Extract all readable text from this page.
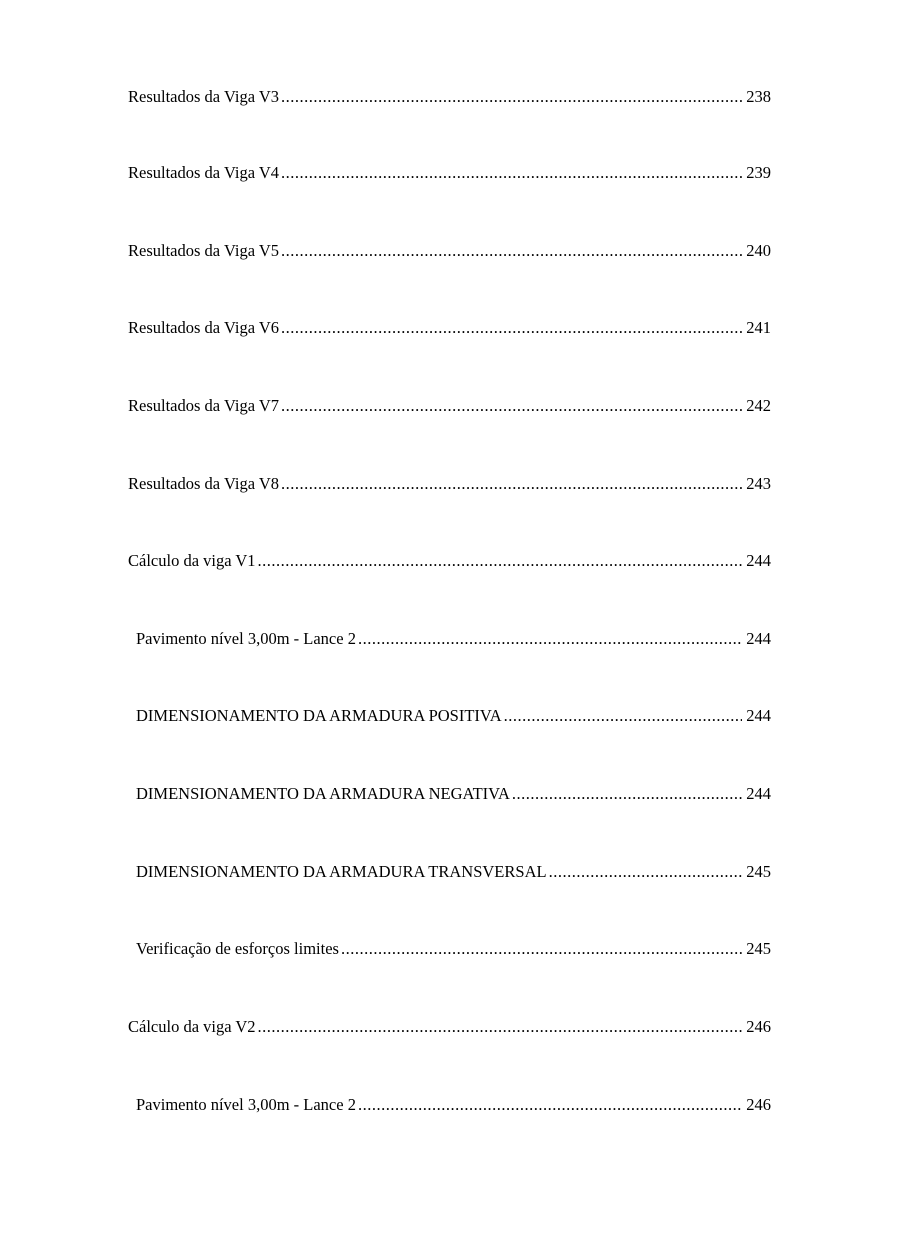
Resultados da Viga V3 .....	238
Resultados da Viga V4 .....	239
Resultados da Viga V5 .....	240
Resultados da Viga V6 .....	241
Resultados da Viga V7 .....	242
Resultados da Viga V8 .....	243
Cálculo da viga V1 .....	244
Pavimento nível 3,00m - Lance 2 .....	244
DIMENSIONAMENTO DA ARMADURA POSITIVA .....	244
DIMENSIONAMENTO DA ARMADURA NEGATIVA .....	244
DIMENSIONAMENTO DA ARMADURA TRANSVERSAL .....	245
Verificação de esforços limites .....	245
Cálculo da viga V2 .....	246
Pavimento nível 3,00m - Lance 2 .....	246
